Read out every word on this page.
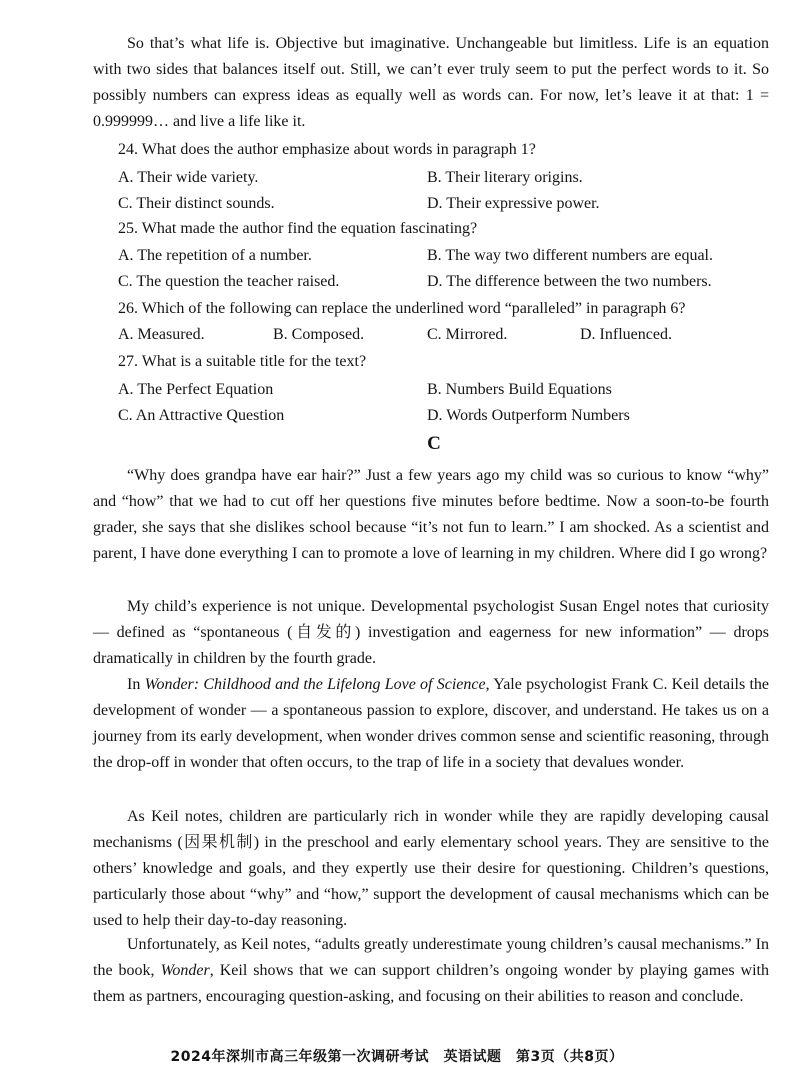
So that’s what life is. Objective but imaginative. Unchangeable but limitless. Life is an equation with two sides that balances itself out. Still, we can’t ever truly seem to put the perfect words to it. So possibly numbers can express ideas as equally well as words can. For now, let’s leave it at that: 1 = 0.999999… and live a life like it.

24. What does the author emphasize about words in paragraph 1?

A. Their wide variety.	B. Their literary origins.

C. Their distinct sounds.	D. Their expressive power.

25. What made the author find the equation fascinating?

A. The repetition of a number.	B. The way two different numbers are equal.

C. The question the teacher raised.	D. The difference between the two numbers.

26. Which of the following can replace the underlined word “paralleled” in paragraph 6?

A. Measured.	B. Composed.	C. Mirrored.	D. Influenced.

27. What is a suitable title for the text?

A. The Perfect Equation	B. Numbers Build Equations

C. An Attractive Question	D. Words Outperform Numbers

C

“Why does grandpa have ear hair?” Just a few years ago my child was so curious to know “why” and “how” that we had to cut off her questions five minutes before bedtime. Now a soon-to-be fourth grader, she says that she dislikes school because “it’s not fun to learn.” I am shocked. As a scientist and parent, I have done everything I can to promote a love of learning in my children. Where did I go wrong?

My child’s experience is not unique. Developmental psychologist Susan Engel notes that curiosity — defined as “spontaneous (自发的) investigation and eagerness for new information” — drops dramatically in children by the fourth grade.

In Wonder: Childhood and the Lifelong Love of Science, Yale psychologist Frank C. Keil details the development of wonder — a spontaneous passion to explore, discover, and understand. He takes us on a journey from its early development, when wonder drives common sense and scientific reasoning, through the drop-off in wonder that often occurs, to the trap of life in a society that devalues wonder.

As Keil notes, children are particularly rich in wonder while they are rapidly developing causal mechanisms (因果机制) in the preschool and early elementary school years. They are sensitive to the others’ knowledge and goals, and they expertly use their desire for questioning. Children’s questions, particularly those about “why” and “how,” support the development of causal mechanisms which can be used to help their day-to-day reasoning.

Unfortunately, as Keil notes, “adults greatly underestimate young children’s causal mechanisms.” In the book, Wonder, Keil shows that we can support children’s ongoing wonder by playing games with them as partners, encouraging question-asking, and focusing on their abilities to reason and conclude.

2024年深圳市高三年级第一次调研考试　英语试题　第3页（共8页）
